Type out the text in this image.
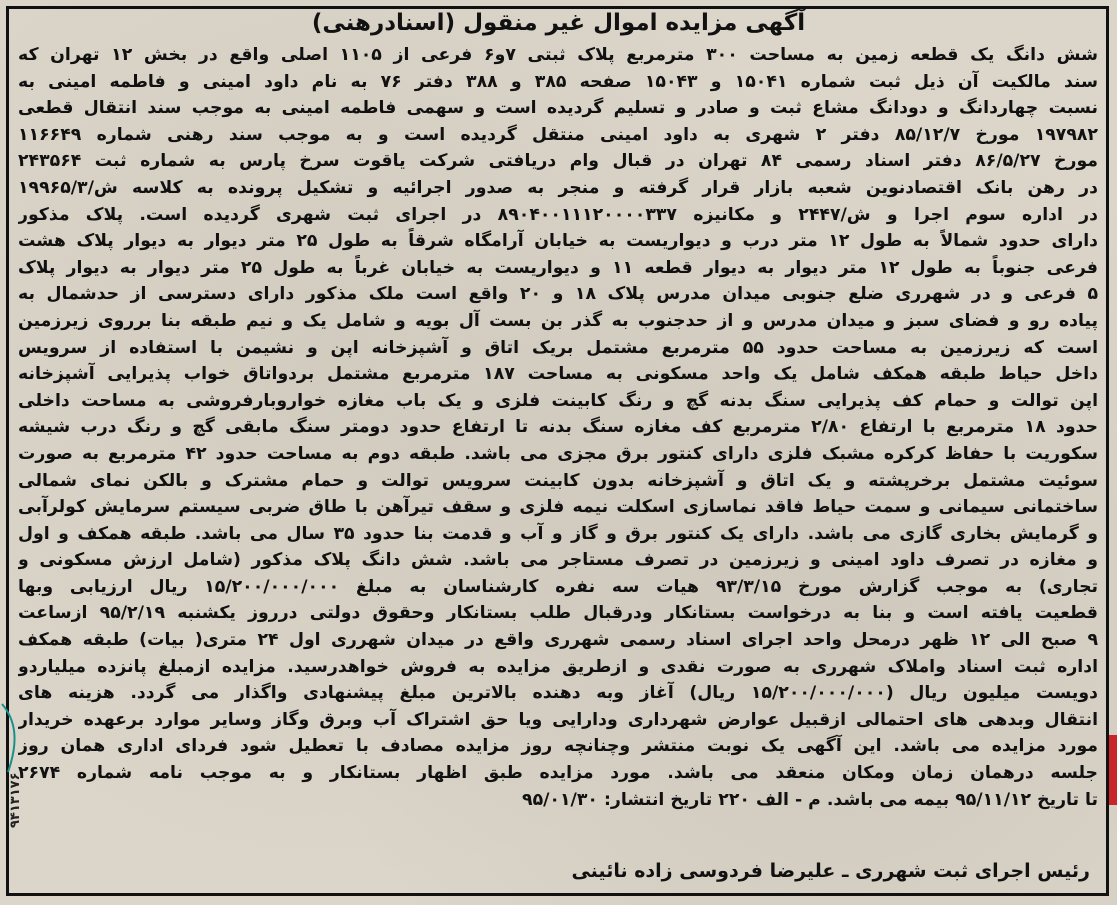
آگهی مزایده اموال غیر منقول (اسنادرهنی)
شش دانگ یک قطعه زمین به مساحت ۳۰۰ مترمربع پلاک ثبتی ۷و۶ فرعی از ۱۱۰۵ اصلی واقع در بخش ۱۲ تهران که
سند مالکیت آن ذیل ثبت شماره ۱۵۰۴۱ و ۱۵۰۴۳ صفحه ۳۸۵ و ۳۸۸ دفتر ۷۶ به نام داود امینی و فاطمه امینی به
نسبت چهاردانگ و دودانگ مشاع ثبت و صادر و تسلیم گردیده است و سهمی فاطمه امینی به موجب سند انتقال قطعی
۱۹۷۹۸۲ مورخ ۸۵/۱۲/۷ دفتر ۲ شهری به داود امینی منتقل گردیده است و به موجب سند رهنی شماره ۱۱۶۶۴۹
مورخ ۸۶/۵/۲۷ دفتر اسناد رسمی ۸۴ تهران در قبال وام دریافتی شرکت یاقوت سرخ پارس به شماره ثبت ۲۴۳۵۶۴
در رهن بانک اقتصادنوین شعبه بازار قرار گرفته و منجر به صدور اجرائیه و تشکیل پرونده به کلاسه ش/۱۹۹۶۵/۳
در اداره سوم اجرا و ش/۲۴۴۷ و مکانیزه ۸۹۰۴۰۰۱۱۱۲۰۰۰۰۳۳۷ در اجرای ثبت شهری گردیده است. پلاک مذکور
دارای حدود شمالاً به طول ۱۲ متر درب و دیواریست به خیابان آرامگاه شرقاً به طول ۲۵ متر دیوار به دیوار پلاک هشت
فرعی جنوباً به طول ۱۲ متر دیوار به دیوار قطعه ۱۱ و دیواریست به خیابان غرباً به طول ۲۵ متر دیوار به دیوار پلاک
۵ فرعی و در شهرری ضلع جنوبی میدان مدرس پلاک ۱۸ و ۲۰ واقع است ملک مذکور دارای دسترسی از حدشمال به
پیاده رو و فضای سبز و میدان مدرس و از حدجنوب به گذر بن بست آل بویه و شامل یک و نیم طبقه بنا برروی زیرزمین
است که زیرزمین به مساحت حدود ۵۵ مترمربع مشتمل بریک اتاق و آشپزخانه اپن و نشیمن با استفاده از سرویس
داخل حیاط طبقه همکف شامل یک واحد مسکونی به مساحت ۱۸۷ مترمربع مشتمل بردواتاق خواب پذیرایی آشپزخانه
اپن توالت و حمام کف پذیرایی سنگ بدنه گچ و رنگ کابینت فلزی و یک باب مغازه خواروبارفروشی به مساحت داخلی
حدود ۱۸ مترمربع با ارتفاع ۲/۸۰ مترمربع کف مغازه سنگ بدنه تا ارتفاع حدود دومتر سنگ مابقی گچ و رنگ درب شیشه
سکوریت با حفاظ کرکره مشبک فلزی دارای کنتور برق مجزی می باشد. طبقه دوم به مساحت حدود ۴۲ مترمربع به صورت
سوئیت مشتمل برخرپشته و یک اتاق و آشپزخانه بدون کابینت سرویس توالت و حمام مشترک و بالکن نمای شمالی
ساختمانی سیمانی و سمت حیاط فاقد نماسازی اسکلت نیمه فلزی و سقف تیرآهن با طاق ضربی سیستم سرمایش کولرآبی
و گرمایش بخاری گازی می باشد. دارای یک کنتور برق و گاز و آب و قدمت بنا حدود ۳۵ سال می باشد. طبقه همکف و اول
و مغازه در تصرف داود امینی و زیرزمین در تصرف مستاجر می باشد. شش دانگ پلاک مذکور (شامل ارزش مسکونی و
تجاری) به موجب گزارش مورخ ۹۳/۳/۱۵ هیات سه نفره کارشناسان به مبلغ ۱۵/۲۰۰/۰۰۰/۰۰۰ ریال ارزیابی وبها
قطعیت یافته است و بنا به درخواست بستانکار ودرقبال طلب بستانکار وحقوق دولتی درروز یکشنبه ۹۵/۲/۱۹ ازساعت
۹ صبح الی ۱۲ ظهر درمحل واحد اجرای اسناد رسمی شهرری واقع در میدان شهرری اول ۲۴ متری( بیات) طبقه همکف
اداره ثبت اسناد واملاک شهرری به صورت نقدی و ازطریق مزایده به فروش خواهدرسید. مزایده ازمبلغ پانزده میلیاردو
دویست میلیون ریال (۱۵/۲۰۰/۰۰۰/۰۰۰ ریال) آغاز وبه دهنده بالاترین مبلغ پیشنهادی واگذار می گردد. هزینه های
انتقال وبدهی های احتمالی ازقبیل عوارض شهرداری ودارایی ویا حق اشتراک آب وبرق وگاز وسایر موارد برعهده خریدار
مورد مزایده می باشد. این آگهی یک نوبت منتشر وچنانچه روز مزایده مصادف با تعطیل شود فردای اداری همان روز
جلسه درهمان زمان ومکان منعقد می باشد. مورد مزایده طبق اظهار بستانکار و به موجب نامه شماره ۲۶۷۴
تا تاریخ ۹۵/۱۱/۱۲ بیمه می باشد. م - الف ۲۲۰ تاریخ انتشار: ۹۵/۰۱/۳۰
رئیس اجرای ثبت شهرری ـ علیرضا فردوسی زاده نائینی
۹۴۱۳۱۷۶
